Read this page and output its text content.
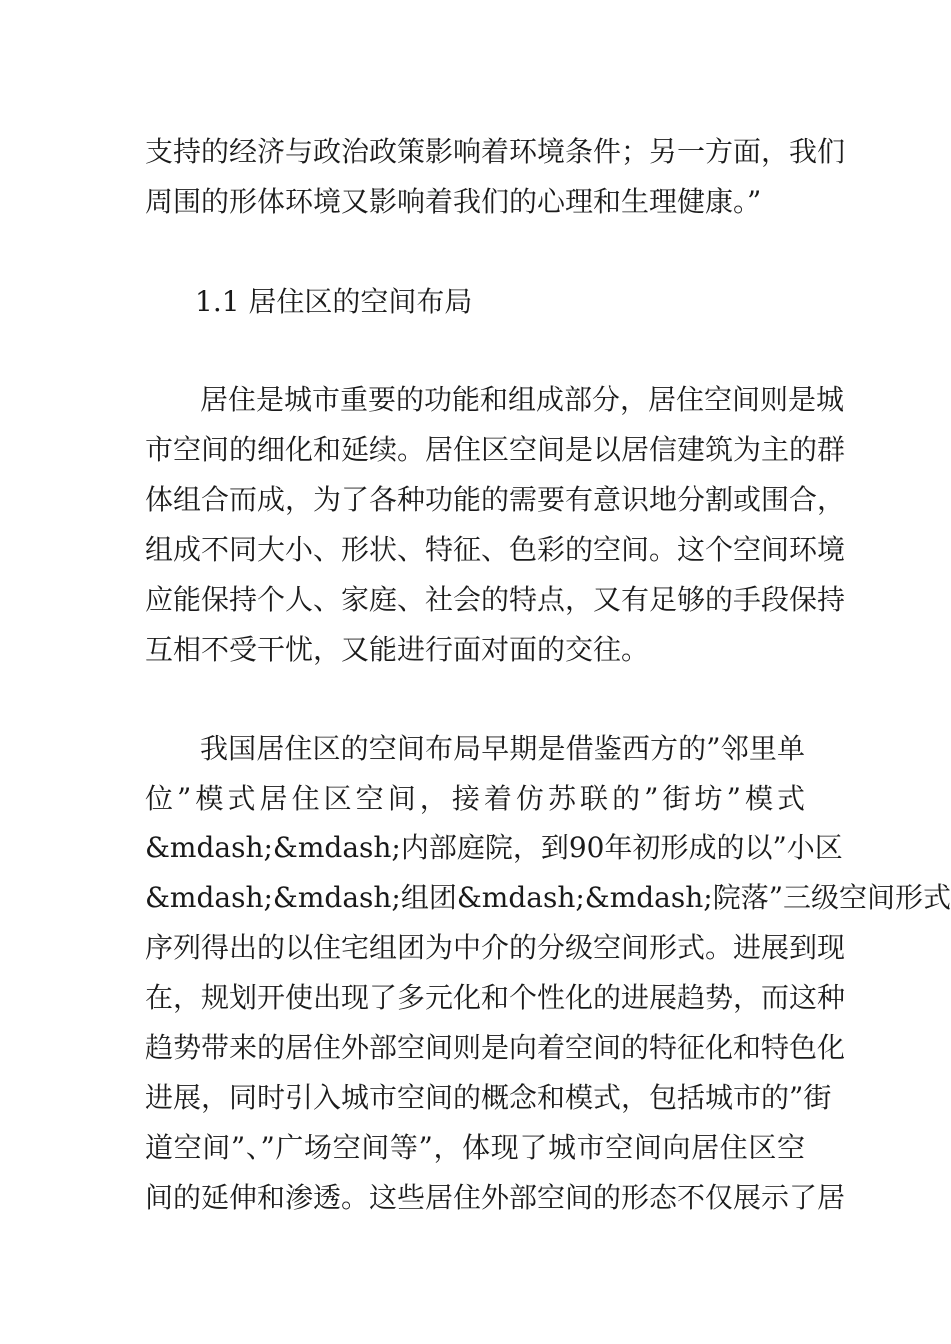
支持的经济与政治政策影响着环境条件；另一方面，我们
周围的形体环境又影响着我们的心理和生理健康。”
1.1 居住区的空间布局
居住是城市重要的功能和组成部分，居住空间则是城
市空间的细化和延续。居住区空间是以居信建筑为主的群
体组合而成，为了各种功能的需要有意识地分割或围合，
组成不同大小、形状、特征、色彩的空间。这个空间环境
应能保持个人、家庭、社会的特点，又有足够的手段保持
互相不受干忧，又能进行面对面的交往。
我国居住区的空间布局早期是借鉴西方的”邻里单
位”模式居住区空间，接着仿苏联的”街坊”模式
&mdash;&mdash;内部庭院，到90年初形成的以”小区
&mdash;&mdash;组团&mdash;&mdash;院落”三级空间形式
序列得出的以住宅组团为中介的分级空间形式。进展到现
在，规划开使出现了多元化和个性化的进展趋势，而这种
趋势带来的居住外部空间则是向着空间的特征化和特色化
进展，同时引入城市空间的概念和模式，包括城市的”街
道空间”、”广场空间等”，体现了城市空间向居住区空
间的延伸和渗透。这些居住外部空间的形态不仅展示了居
